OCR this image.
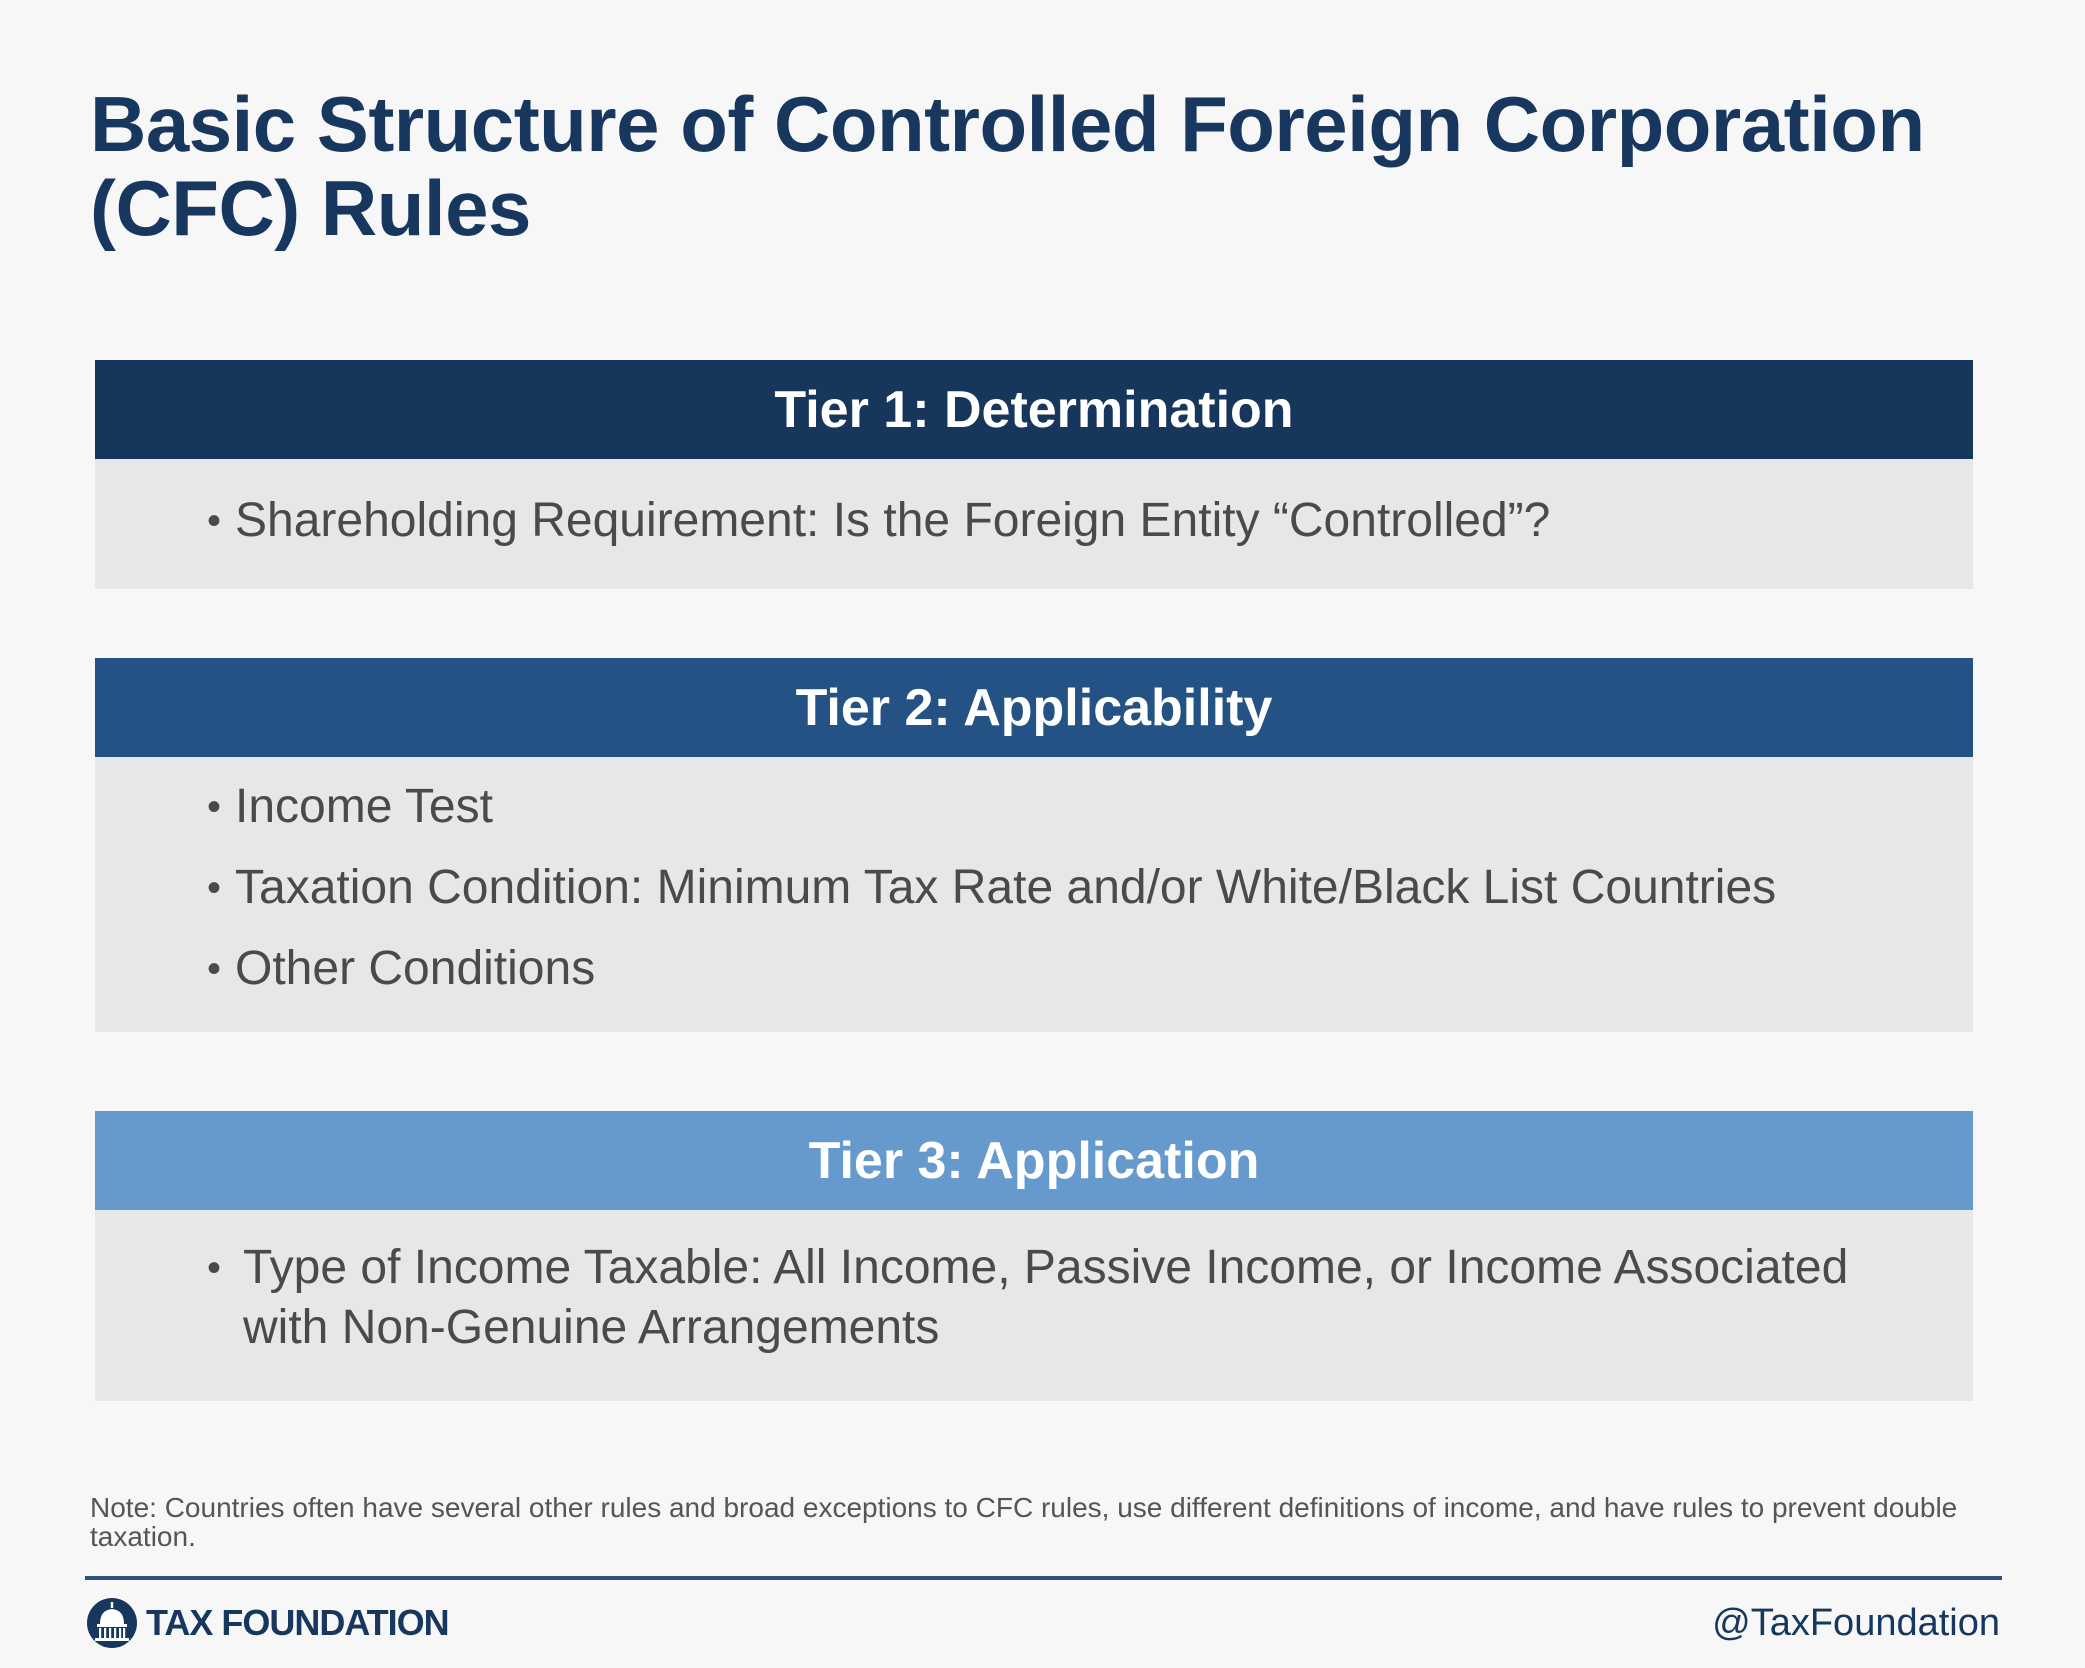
Basic Structure of Controlled Foreign Corporation (CFC) Rules
Tier 1: Determination
• Shareholding Requirement: Is the Foreign Entity “Controlled”?
Tier 2: Applicability
• Income Test
• Taxation Condition: Minimum Tax Rate and/or White/Black List Countries
• Other Conditions
Tier 3: Application
• Type of Income Taxable: All Income, Passive Income, or Income Associated with Non-Genuine Arrangements
Note: Countries often have several other rules and broad exceptions to CFC rules, use different definitions of income, and have rules to prevent double taxation.
TAX FOUNDATION	@TaxFoundation
